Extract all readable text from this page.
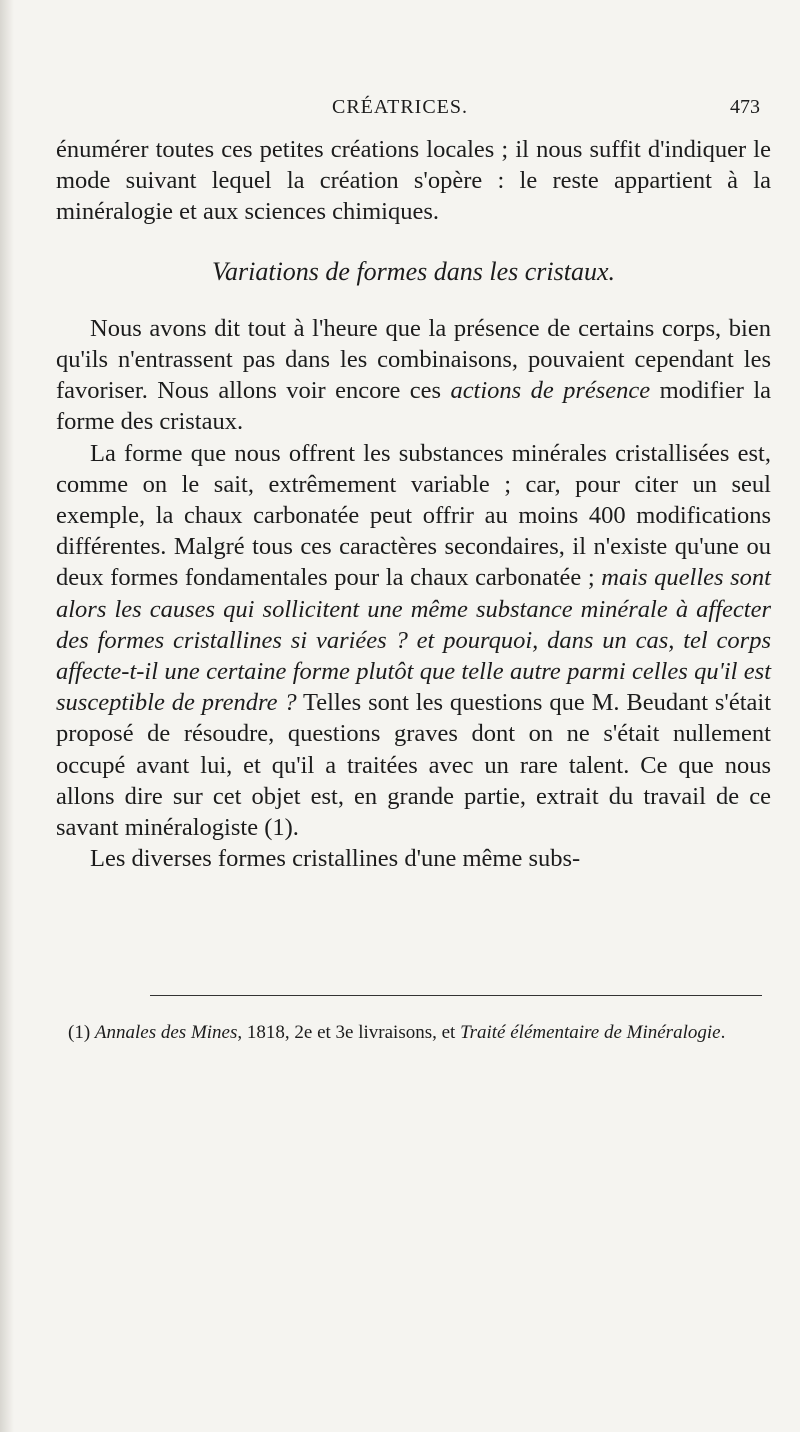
CRÉATRICES.	473

énumérer toutes ces petites créations locales ; il nous suffit d'indiquer le mode suivant lequel la création s'opère : le reste appartient à la minéralogie et aux sciences chimiques.

Variations de formes dans les cristaux.

Nous avons dit tout à l'heure que la présence de certains corps, bien qu'ils n'entrassent pas dans les combinaisons, pouvaient cependant les favoriser. Nous allons voir encore ces actions de présence modifier la forme des cristaux.

La forme que nous offrent les substances minérales cristallisées est, comme on le sait, extrêmement variable ; car, pour citer un seul exemple, la chaux carbonatée peut offrir au moins 400 modifications différentes. Malgré tous ces caractères secondaires, il n'existe qu'une ou deux formes fondamentales pour la chaux carbonatée ; mais quelles sont alors les causes qui sollicitent une même substance minérale à affecter des formes cristallines si variées ? et pourquoi, dans un cas, tel corps affecte-t-il une certaine forme plutôt que telle autre parmi celles qu'il est susceptible de prendre ? Telles sont les questions que M. Beudant s'était proposé de résoudre, questions graves dont on ne s'était nullement occupé avant lui, et qu'il a traitées avec un rare talent. Ce que nous allons dire sur cet objet est, en grande partie, extrait du travail de ce savant minéralogiste (1).

Les diverses formes cristallines d'une même subs-

(1) Annales des Mines, 1818, 2e et 3e livraisons, et Traité élémentaire de Minéralogie.
